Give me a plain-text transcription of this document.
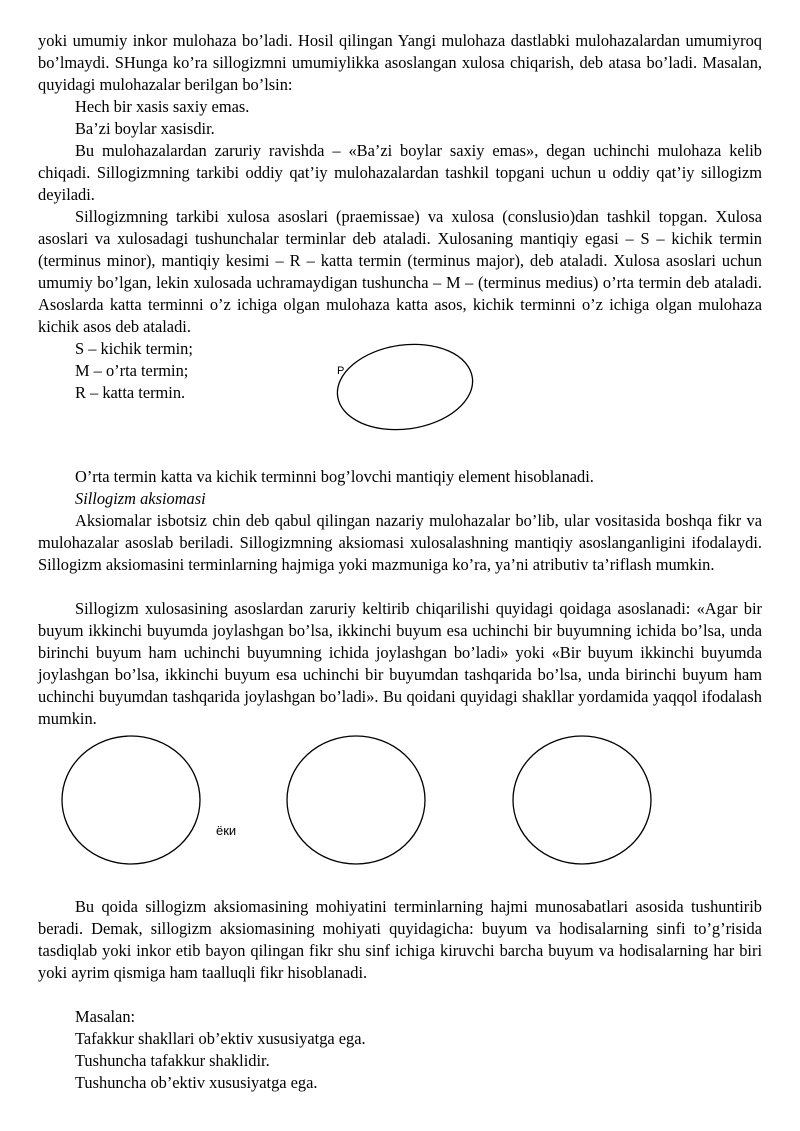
yoki umumiy inkor mulohaza bo’ladi. Hosil qilingan Yangi mulohaza dastlabki mulohazalardan umumiyroq bo’lmaydi. SHunga ko’ra sillogizmni umumiylikka asoslangan xulosa chiqarish, deb atasa bo’ladi. Masalan, quyidagi mulohazalar berilgan bo’lsin:

Hech bir xasis saxiy emas.

Ba’zi boylar xasisdir.

Bu mulohazalardan zaruriy ravishda – «Ba’zi boylar saxiy emas», degan uchinchi mulohaza kelib chiqadi. Sillogizmning tarkibi oddiy qat’iy mulohazalardan tashkil topgani uchun u oddiy qat’iy sillogizm deyiladi.

Sillogizmning tarkibi xulosa asoslari (praemissae) va xulosa (conslusio)dan tashkil topgan. Xulosa asoslari va xulosadagi tushunchalar terminlar deb ataladi. Xulosaning mantiqiy egasi – S – kichik termin (terminus minor), mantiqiy kesimi – R – katta termin (terminus major), deb ataladi. Xulosa asoslari uchun umumiy bo’lgan, lekin xulosada uchramaydigan tushuncha – M – (terminus medius) o’rta termin deb ataladi. Asoslarda katta terminni o’z ichiga olgan mulohaza katta asos, kichik terminni o’z ichiga olgan mulohaza kichik asos deb ataladi.

S – kichik termin;

M – o’rta termin;

R – katta termin.

P

O’rta termin katta va kichik terminni bog’lovchi mantiqiy element hisoblanadi.

Sillogizm aksiomasi

Aksiomalar isbotsiz chin deb qabul qilingan nazariy mulohazalar bo’lib, ular vositasida boshqa fikr va mulohazalar asoslab beriladi. Sillogizmning aksiomasi xulosalashning mantiqiy asoslanganligini ifodalaydi. Sillogizm aksiomasini terminlarning hajmiga yoki mazmuniga ko’ra, ya’ni atributiv ta’riflash mumkin.

Sillogizm xulosasining asoslardan zaruriy keltirib chiqarilishi quyidagi qoidaga asoslanadi: «Agar bir buyum ikkinchi buyumda joylashgan bo’lsa, ikkinchi buyum esa uchinchi bir buyumning ichida bo’lsa, unda birinchi buyum ham uchinchi buyumning ichida joylashgan bo’ladi» yoki «Bir buyum ikkinchi buyumda joylashgan bo’lsa, ikkinchi buyum esa uchinchi bir buyumdan tashqarida bo’lsa, unda birinchi buyum ham uchinchi buyumdan tashqarida joylashgan bo’ladi». Bu qoidani quyidagi shakllar yordamida yaqqol ifodalash mumkin.

ёки

Bu qoida sillogizm aksiomasining mohiyatini terminlarning hajmi munosabatlari asosida tushuntirib beradi. Demak, sillogizm aksiomasining mohiyati quyidagicha: buyum va hodisalarning sinfi to’g’risida tasdiqlab yoki inkor etib bayon qilingan fikr shu sinf ichiga kiruvchi barcha buyum va hodisalarning har biri yoki ayrim qismiga ham taalluqli fikr hisoblanadi.

Masalan:

Tafakkur shakllari ob’ektiv xususiyatga ega.

Tushuncha tafakkur shaklidir.

Tushuncha ob’ektiv xususiyatga ega.
